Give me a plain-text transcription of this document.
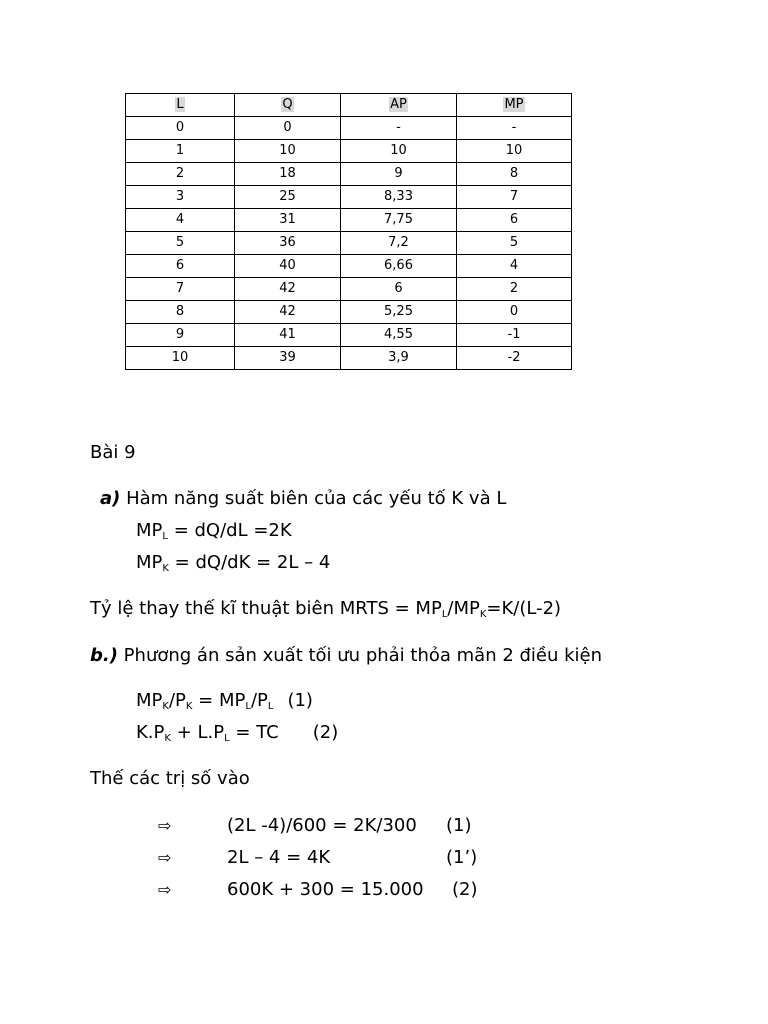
L	Q	AP	MP
0	0	-	-
1	10	10	10
2	18	9	8
3	25	8,33	7
4	31	7,75	6
5	36	7,2	5
6	40	6,66	4
7	42	6	2
8	42	5,25	0
9	41	4,55	-1
10	39	3,9	-2
Bài 9
a) Hàm năng suất biên của các yếu tố K và L
$MP_L = dQ/dL =2K$
$MP_K = dQ/dK = 2L - 4$
Tỷ lệ thay thế kĩ thuật biên MRTS = $MP_L/MP_K=K/(L-2)$
b.) Phương án sản xuất tối ưu phải thỏa mãn 2 điều kiện
$MP_K/P_K = MP_L/P_L$ (1)
$K.P_K + L.P_L$ = TC (2)
Thế các trị số vào
⇨	(2L -4)/600 = 2K/300 (1)
⇨	2L – 4 = 4K	(1’)
⇨	600K + 300 = 15.000 (2)
